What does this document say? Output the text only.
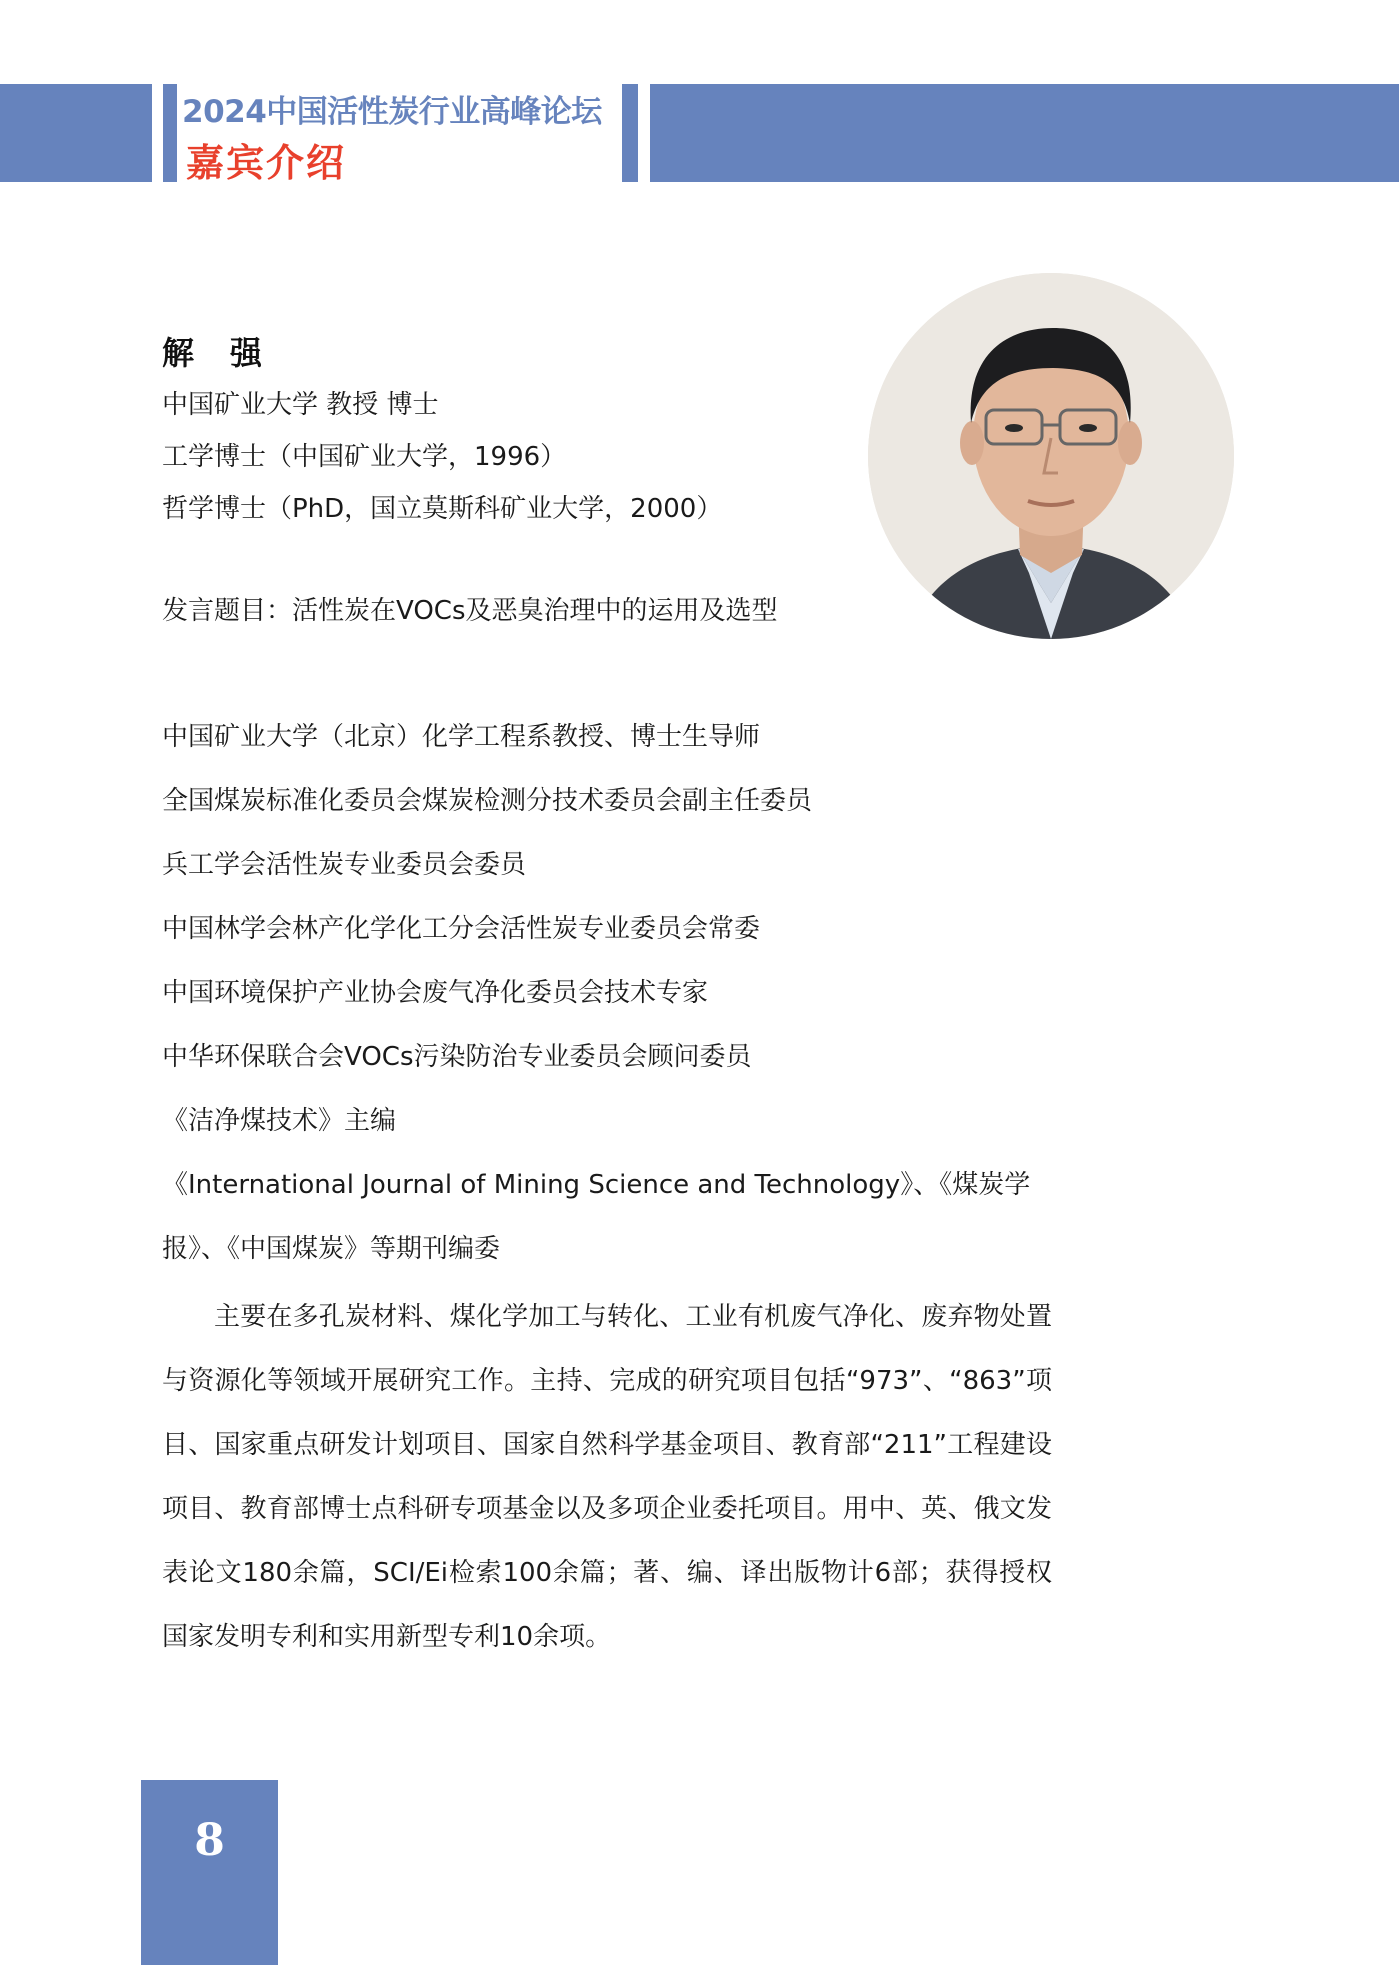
2024中国活性炭行业高峰论坛
嘉宾介绍
解　强
中国矿业大学 教授 博士
工学博士（中国矿业大学，1996）
哲学博士（PhD，国立莫斯科矿业大学，2000）
发言题目：活性炭在VOCs及恶臭治理中的运用及选型
中国矿业大学（北京）化学工程系教授、博士生导师
全国煤炭标准化委员会煤炭检测分技术委员会副主任委员
兵工学会活性炭专业委员会委员
中国林学会林产化学化工分会活性炭专业委员会常委
中国环境保护产业协会废气净化委员会技术专家
中华环保联合会VOCs污染防治专业委员会顾问委员
《洁净煤技术》主编
《International Journal of Mining Science and Technology》、《煤炭学
报》、《中国煤炭》等期刊编委

主要在多孔炭材料、煤化学加工与转化、工业有机废气净化、废弃物处置与资源化等领域开展研究工作。主持、完成的研究项目包括“973”、“863”项目、国家重点研发计划项目、国家自然科学基金项目、教育部“211”工程建设项目、教育部博士点科研专项基金以及多项企业委托项目。用中、英、俄文发表论文180余篇，SCI/Ei检索100余篇；著、编、译出版物计6部；获得授权国家发明专利和实用新型专利10余项。

8
